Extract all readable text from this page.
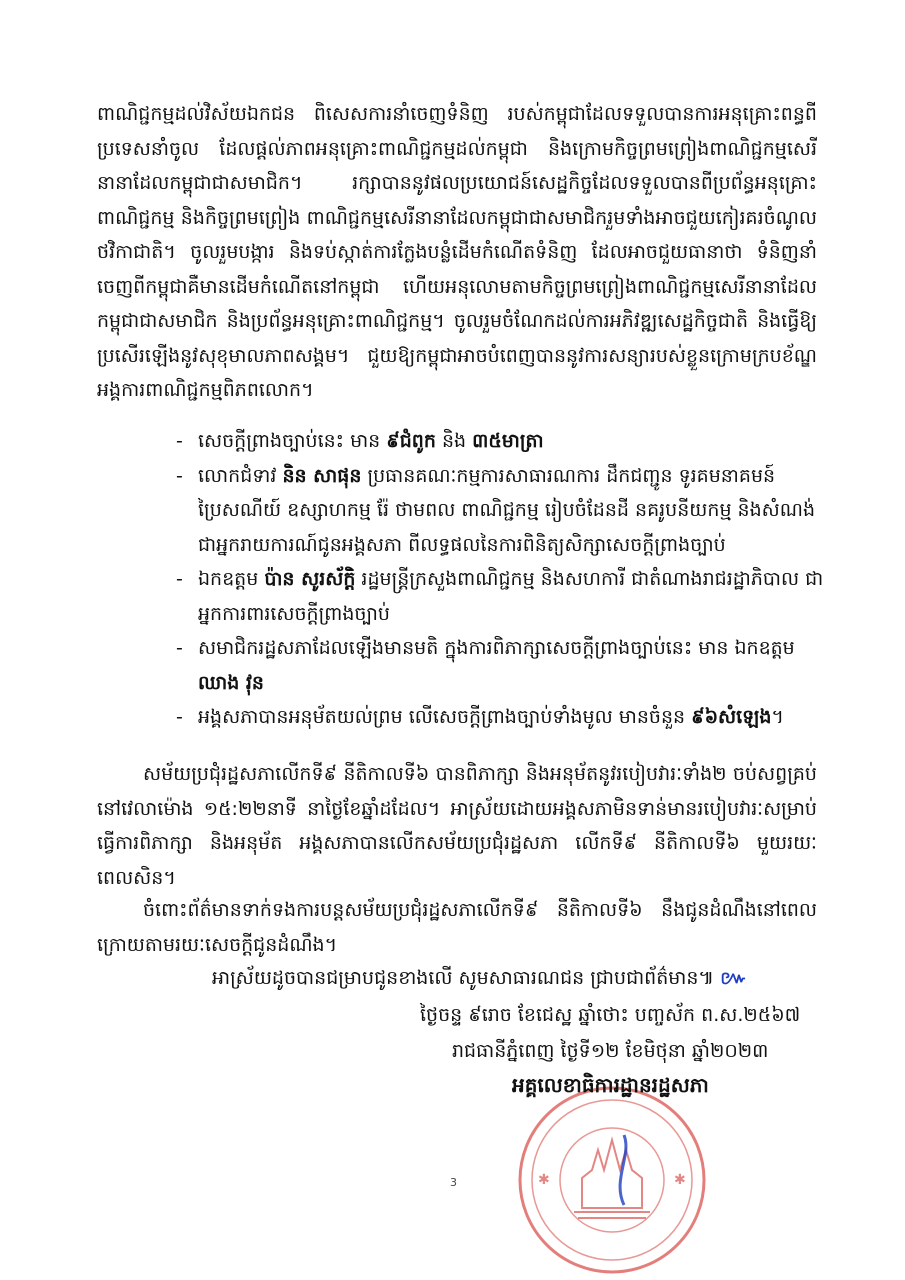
ពាណិជ្ជកម្មដល់វិស័យឯកជន ពិសេសការនាំចេញទំនិញ របស់កម្ពុជាដែលទទួលបានការអនុគ្រោះពន្ធពីប្រទេសនាំចូល ដែលផ្តល់ភាពអនុគ្រោះពាណិជ្ជកម្មដល់កម្ពុជា និងក្រោមកិច្ចព្រមព្រៀងពាណិជ្ជកម្មសេរីនានាដែលកម្ពុជាជាសមាជិក។ រក្សាបាននូវផលប្រយោជន៍សេដ្ឋកិច្ចដែលទទួលបានពីប្រព័ន្ធអនុគ្រោះពាណិជ្ជកម្ម និងកិច្ចព្រមព្រៀង ពាណិជ្ជកម្មសេរីនានាដែលកម្ពុជាជាសមាជិករួមទាំងអាចជួយកៀរគរចំណូលថវិកាជាតិ។ ចូលរួមបង្ការ និងទប់ស្កាត់ការក្លែងបន្លំដើមកំណើតទំនិញ ដែលអាចជួយធានាថា ទំនិញនាំចេញពីកម្ពុជាគឺមានដើមកំណើតនៅកម្ពុជា ហើយអនុលោមតាមកិច្ចព្រមព្រៀងពាណិជ្ជកម្មសេរីនានាដែលកម្ពុជាជាសមាជិក និងប្រព័ន្ធអនុគ្រោះពាណិជ្ជកម្ម។ ចូលរួមចំណែកដល់ការអភិវឌ្ឍសេដ្ឋកិច្ចជាតិ និងធ្វើឱ្យប្រសើរឡើងនូវសុខុមាលភាពសង្គម។ ជួយឱ្យកម្ពុជាអាចបំពេញបាននូវការសន្យារបស់ខ្លួនក្រោមក្របខ័ណ្ឌអង្គការពាណិជ្ជកម្មពិភពលោក។

- សេចក្តីព្រាងច្បាប់នេះ មាន ៩ជំពូក និង ៣៥មាត្រា
- លោកជំទាវ និន សាផុន ប្រធានគណៈកម្មការសាធារណការ ដឹកជញ្ជូន ទូរគមនាគមន៍ ប្រៃសណីយ៍ ឧស្សាហកម្ម រ៉ែ ថាមពល ពាណិជ្ជកម្ម រៀបចំដែនដី នគរូបនីយកម្ម និងសំណង់ ជាអ្នករាយការណ៍ជូនអង្គសភា ពីលទ្ធផលនៃការពិនិត្យសិក្សាសេចក្តីព្រាងច្បាប់
- ឯកឧត្តម ប៉ាន សូរស័ក្តិ រដ្ឋមន្ត្រីក្រសួងពាណិជ្ជកម្ម និងសហការី ជាតំណាងរាជរដ្ឋាភិបាល ជាអ្នកការពារសេចក្តីព្រាងច្បាប់
- សមាជិករដ្ឋសភាដែលឡើងមានមតិ ក្នុងការពិភាក្សាសេចក្តីព្រាងច្បាប់នេះ មាន ឯកឧត្តម ឈាង វុន
- អង្គសភាបានអនុម័តយល់ព្រម លើសេចក្តីព្រាងច្បាប់ទាំងមូល មានចំនួន ៩៦សំឡេង។

សម័យប្រជុំរដ្ឋសភាលើកទី៩ នីតិកាលទី៦ បានពិភាក្សា និងអនុម័តនូវរបៀបវារៈទាំង២ ចប់សព្វគ្រប់ នៅវេលាម៉ោង ១៥:២២នាទី នាថ្ងៃខែឆ្នាំដដែល។ អាស្រ័យដោយអង្គសភាមិនទាន់មានរបៀបវារៈសម្រាប់ធ្វើការពិភាក្សា និងអនុម័ត អង្គសភាបានលើកសម័យប្រជុំរដ្ឋសភា លើកទី៩ នីតិកាលទី៦ មួយរយៈពេលសិន។

ចំពោះព័ត៌មានទាក់ទងការបន្តសម័យប្រជុំរដ្ឋសភាលើកទី៩ នីតិកាលទី៦ នឹងជូនដំណឹងនៅពេលក្រោយតាមរយៈសេចក្តីជូនដំណឹង។

អាស្រ័យដូចបានជម្រាបជូនខាងលើ សូមសាធារណជន ជ្រាបជាព័ត៌មាន៕ ៚
✱	✱
ថ្ងៃចន្ទ ៩រោច ខែជេស្ឋ ឆ្នាំថោះ បញ្ចស័ក ព.ស.២៥៦៧
រាជធានីភ្នំពេញ ថ្ងៃទី១២ ខែមិថុនា ឆ្នាំ២០២៣
អគ្គលេខាធិការដ្ឋានរដ្ឋសភា
3
